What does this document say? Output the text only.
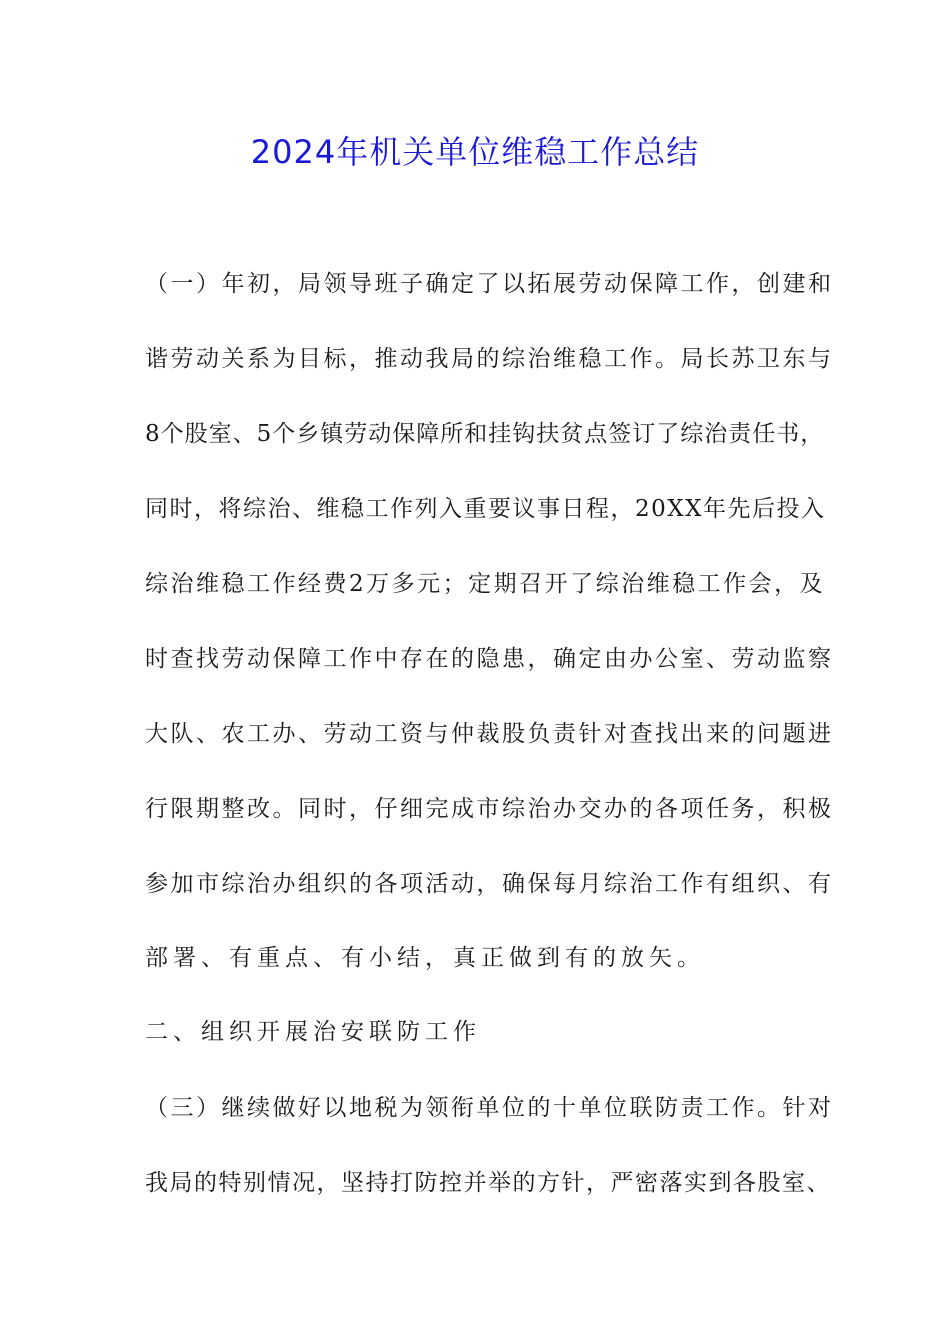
2024年机关单位维稳工作总结
（一）年初，局领导班子确定了以拓展劳动保障工作，创建和
谐劳动关系为目标，推动我局的综治维稳工作。局长苏卫东与
8个股室、5个乡镇劳动保障所和挂钩扶贫点签订了综治责任书，
同时，将综治、维稳工作列入重要议事日程，20XX年先后投入
综治维稳工作经费2万多元；定期召开了综治维稳工作会，及
时查找劳动保障工作中存在的隐患，确定由办公室、劳动监察
大队、农工办、劳动工资与仲裁股负责针对查找出来的问题进
行限期整改。同时，仔细完成市综治办交办的各项任务，积极
参加市综治办组织的各项活动，确保每月综治工作有组织、有
部署、有重点、有小结，真正做到有的放矢。
二、组织开展治安联防工作
（三）继续做好以地税为领衔单位的十单位联防责工作。针对
我局的特别情况，坚持打防控并举的方针，严密落实到各股室、
